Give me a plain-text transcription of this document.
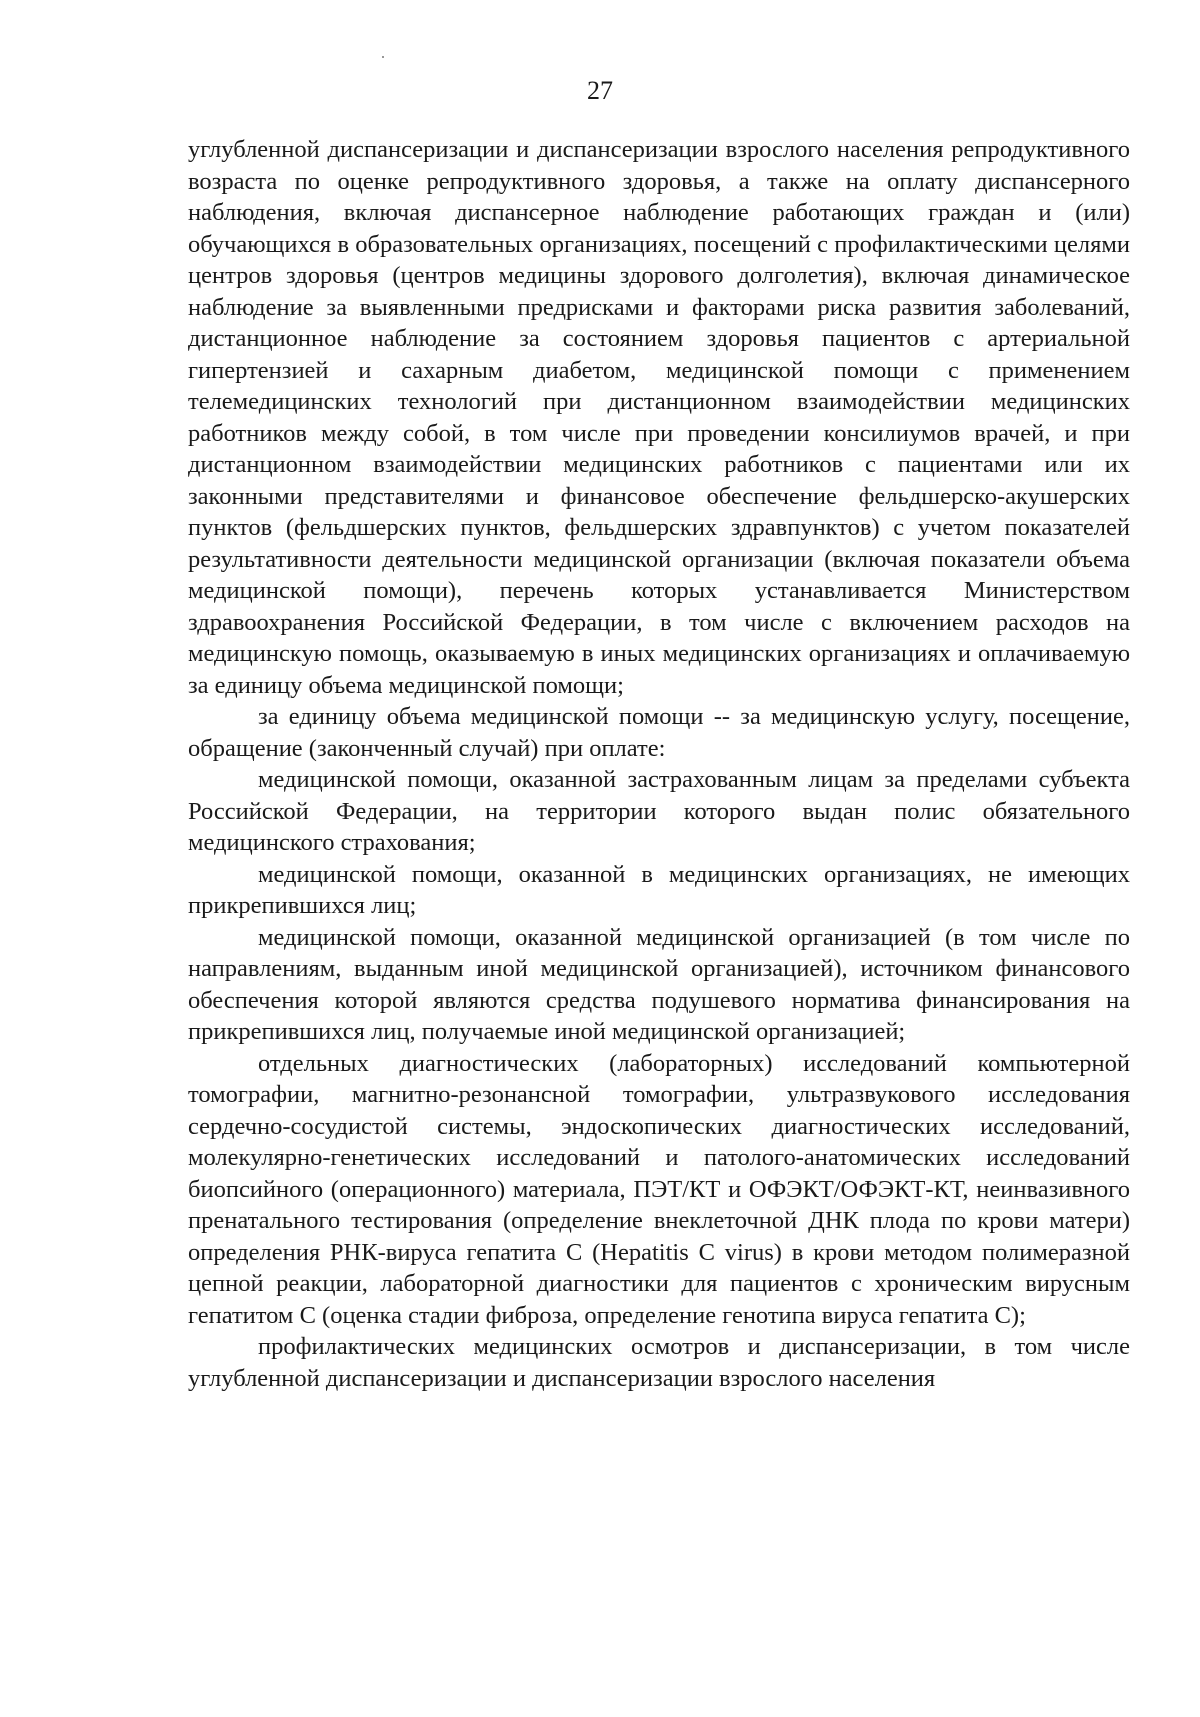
27

углубленной диспансеризации и диспансеризации взрослого населения репродуктивного возраста по оценке репродуктивного здоровья, а также на оплату диспансерного наблюдения, включая диспансерное наблюдение работающих граждан и (или) обучающихся в образовательных организациях, посещений с профилактическими целями центров здоровья (центров медицины здорового долголетия), включая динамическое наблюдение за выявленными предрисками и факторами риска развития заболеваний, дистанционное наблюдение за состоянием здоровья пациентов с артериальной гипертензией и сахарным диабетом, медицинской помощи с применением телемедицинских технологий при дистанционном взаимодействии медицинских работников между собой, в том числе при проведении консилиумов врачей, и при дистанционном взаимодействии медицинских работников с пациентами или их законными представителями и финансовое обеспечение фельдшерско-акушерских пунктов (фельдшерских пунктов, фельдшерских здравпунктов) с учетом показателей результативности деятельности медицинской организации (включая показатели объема медицинской помощи), перечень которых устанавливается Министерством здравоохранения Российской Федерации, в том числе с включением расходов на медицинскую помощь, оказываемую в иных медицинских организациях и оплачиваемую за единицу объема медицинской помощи;

за единицу объема медицинской помощи -- за медицинскую услугу, посещение, обращение (законченный случай) при оплате:

медицинской помощи, оказанной застрахованным лицам за пределами субъекта Российской Федерации, на территории которого выдан полис обязательного медицинского страхования;

медицинской помощи, оказанной в медицинских организациях, не имеющих прикрепившихся лиц;

медицинской помощи, оказанной медицинской организацией (в том числе по направлениям, выданным иной медицинской организацией), источником финансового обеспечения которой являются средства подушевого норматива финансирования на прикрепившихся лиц, получаемые иной медицинской организацией;

отдельных диагностических (лабораторных) исследований компьютерной томографии, магнитно-резонансной томографии, ультразвукового исследования сердечно-сосудистой системы, эндоскопических диагностических исследований, молекулярно-генетических исследований и патолого-анатомических исследований биопсийного (операционного) материала, ПЭТ/КТ и ОФЭКТ/ОФЭКТ-КТ, неинвазивного пренатального тестирования (определение внеклеточной ДНК плода по крови матери) определения РНК-вируса гепатита С (Hepatitis C virus) в крови методом полимеразной цепной реакции, лабораторной диагностики для пациентов с хроническим вирусным гепатитом С (оценка стадии фиброза, определение генотипа вируса гепатита С);

профилактических медицинских осмотров и диспансеризации, в том числе углубленной диспансеризации и диспансеризации взрослого населения
